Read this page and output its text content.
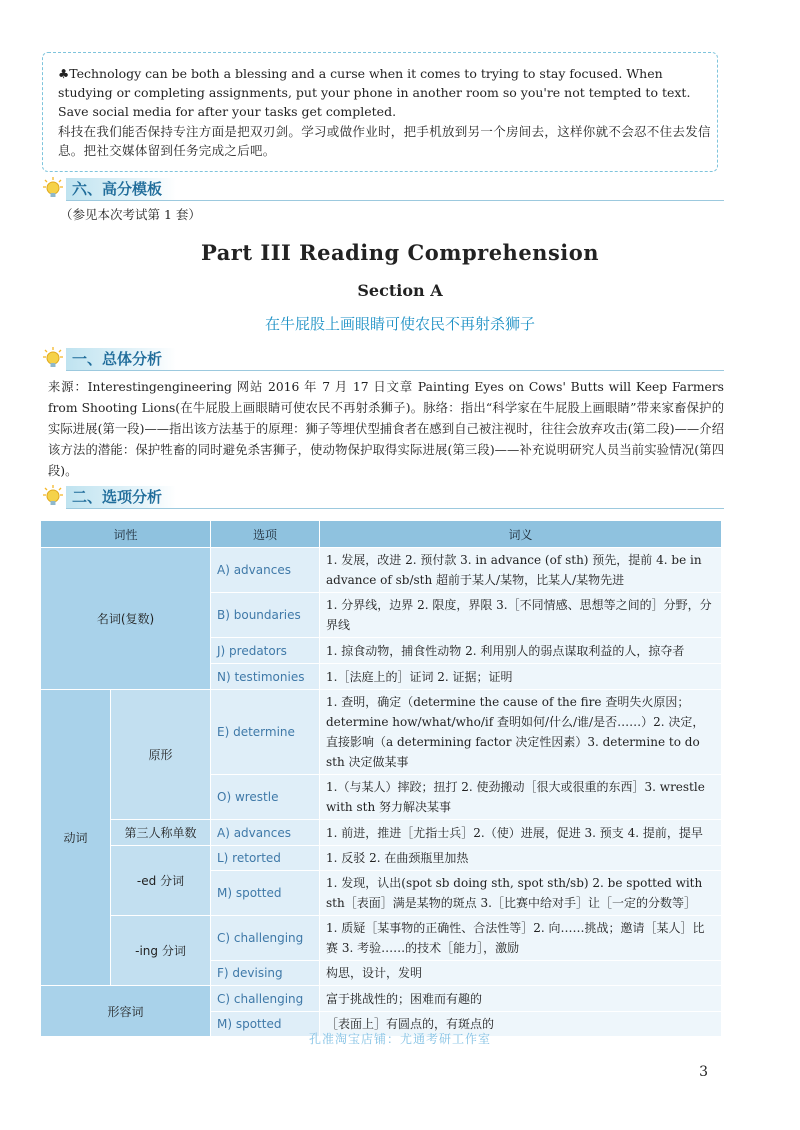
♣Technology can be both a blessing and a curse when it comes to trying to stay focused. When studying or completing assignments, put your phone in another room so you're not tempted to text. Save social media for after your tasks get completed.
科技在我们能否保持专注方面是把双刃剑。学习或做作业时，把手机放到另一个房间去，这样你就不会忍不住去发信息。把社交媒体留到任务完成之后吧。
六、高分模板
（参见本次考试第 1 套）
Part III Reading Comprehension
Section A
在牛屁股上画眼睛可使农民不再射杀狮子
一、总体分析
来源：Interestingengineering 网站 2016 年 7 月 17 日文章 Painting Eyes on Cows' Butts will Keep Farmers from Shooting Lions(在牛屁股上画眼睛可使农民不再射杀狮子)。脉络：指出“科学家在牛屁股上画眼睛”带来家畜保护的实际进展(第一段)——指出该方法基于的原理：狮子等埋伏型捕食者在感到自己被注视时，往往会放弃攻击(第二段)——介绍该方法的潜能：保护牲畜的同时避免杀害狮子，使动物保护取得实际进展(第三段)——补充说明研究人员当前实验情况(第四段)。
二、选项分析
词性		选项	词义
名词(复数)		A) advances	1. 发展，改进 2. 预付款 3. in advance (of sth) 预先，提前 4. be in advance of sb/sth 超前于某人/某物，比某人/某物先进
		B) boundaries	1. 分界线，边界 2. 限度，界限 3.［不同情感、思想等之间的］分野，分界线
		J) predators	1. 掠食动物，捕食性动物 2. 利用别人的弱点谋取利益的人，掠夺者
		N) testimonies	1.［法庭上的］证词 2. 证据；证明
动词	原形	E) determine	1. 查明，确定（determine the cause of the fire 查明失火原因；determine how/what/who/if 查明如何/什么/谁/是否……）2. 决定，直接影响（a determining factor 决定性因素）3. determine to do sth 决定做某事
		O) wrestle	1.（与某人）摔跤；扭打 2. 使劲搬动［很大或很重的东西］3. wrestle with sth 努力解决某事
	第三人称单数	A) advances	1. 前进，推进［尤指士兵］2.（使）进展，促进 3. 预支 4. 提前，提早
	-ed 分词	L) retorted	1. 反驳 2. 在曲颈瓶里加热
		M) spotted	1. 发现，认出(spot sb doing sth, spot sth/sb) 2. be spotted with sth［表面］满是某物的斑点 3.［比赛中给对手］让［一定的分数等］
	-ing 分词	C) challenging	1. 质疑［某事物的正确性、合法性等］2. 向……挑战；邀请［某人］比赛 3. 考验……的技术［能力］，激励
		F) devising	构思，设计，发明
形容词		C) challenging	富于挑战性的；困难而有趣的
		M) spotted	［表面上］有圆点的，有斑点的
孔准淘宝店铺：尤通考研工作室
3
